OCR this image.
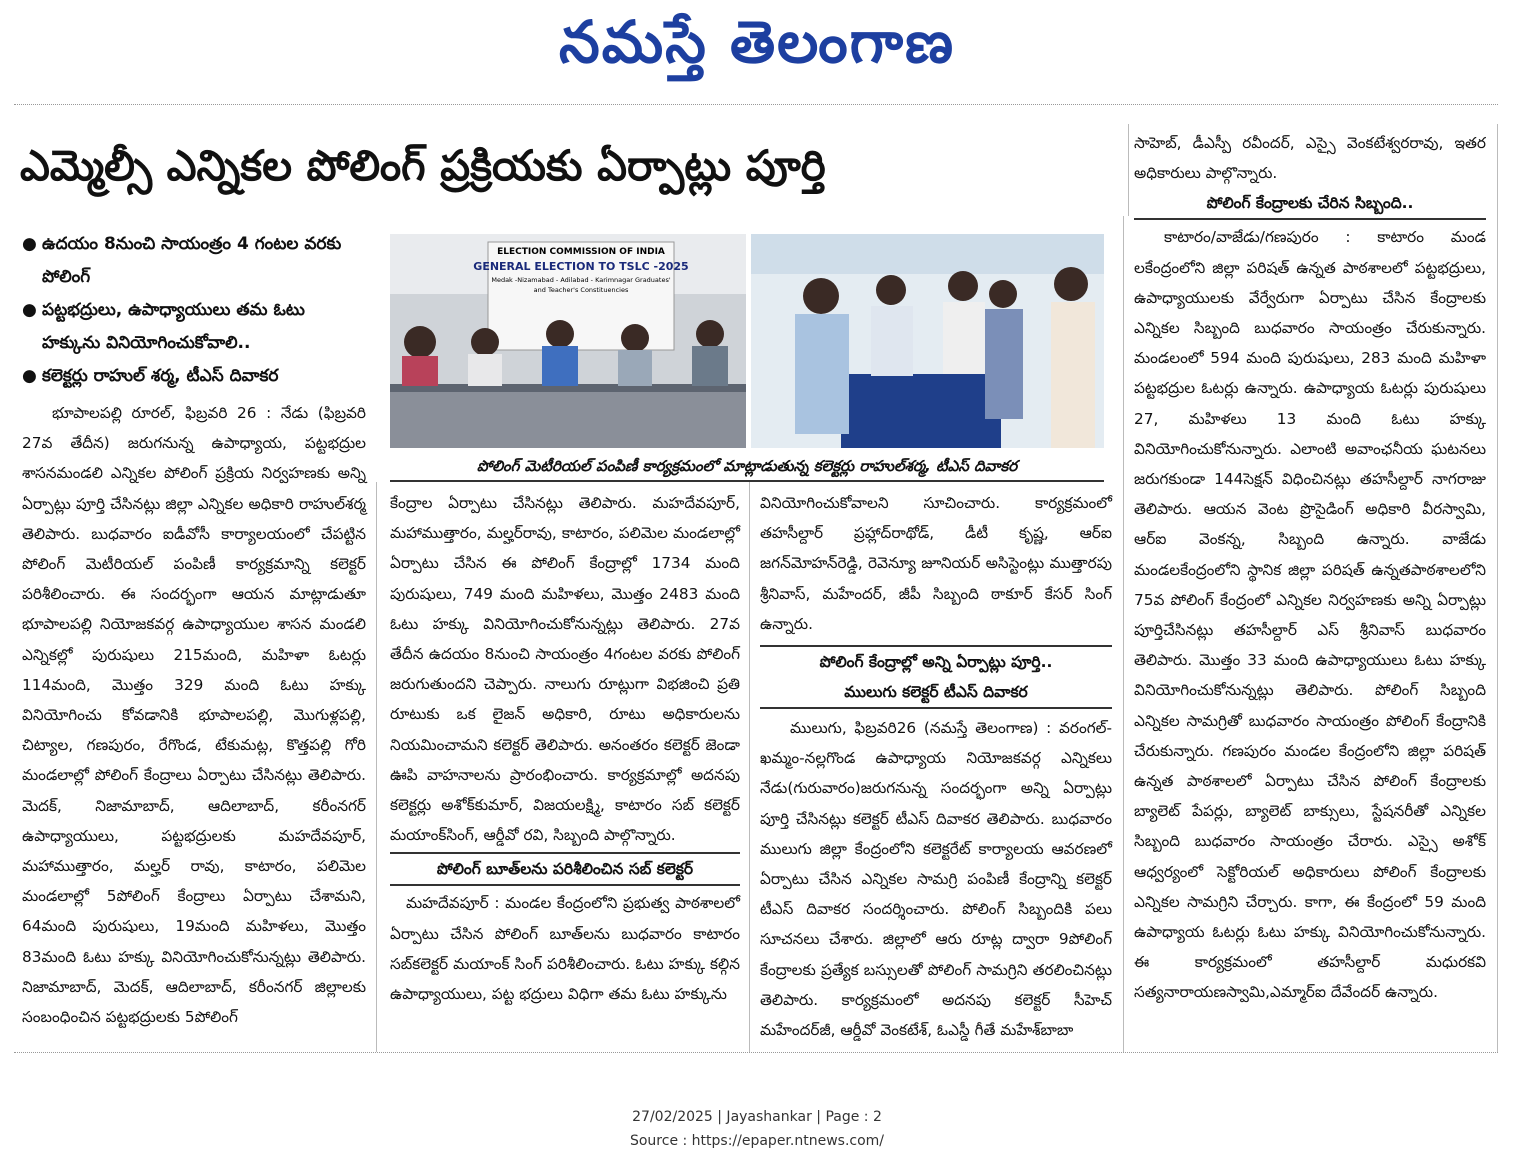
నమస్తే తెలంగాణ
ఎమ్మెల్సీ ఎన్నికల పోలింగ్ ప్రక్రియకు ఏర్పాట్లు పూర్తి
● ఉదయం 8నుంచి సాయంత్రం 4 గంటల వరకు పోలింగ్
● పట్టభద్రులు, ఉపాధ్యాయులు తమ ఓటు హక్కును వినియోగించుకోవాలి..
● కలెక్టర్లు రాహుల్ శర్మ, టీఎస్ దివాకర
ELECTION COMMISSION OF INDIA
GENERAL ELECTION TO TSLC -2025
Medak -Nizamabad - Adilabad - Karimnagar Graduates'
and Teacher's Constituencies
పోలింగ్ మెటీరియల్ పంపిణీ కార్యక్రమంలో మాట్లాడుతున్న కలెక్టర్లు రాహుల్‌శర్మ, టీఎస్ దివాకర

భూపాలపల్లి రూరల్, ఫిబ్రవరి 26 : నేడు (ఫిబ్రవరి 27వ తేదీన) జరుగనున్న ఉపాధ్యాయ, పట్టభద్రుల శాసనమండలి ఎన్నికల పోలింగ్ ప్రక్రియ నిర్వహణకు అన్ని ఏర్పాట్లు పూర్తి చేసినట్లు జిల్లా ఎన్నికల అధికారి రాహుల్‌శర్మ తెలిపారు. బుధవారం ఐడీవోసీ కార్యాలయంలో చేపట్టిన పోలింగ్ మెటీరియల్ పంపిణీ కార్యక్రమాన్ని కలెక్టర్ పరిశీలించారు. ఈ సందర్భంగా ఆయన మాట్లాడుతూ భూపాలపల్లి నియోజకవర్గ ఉపాధ్యాయుల శాసన మండలి ఎన్నికల్లో పురుషులు 215మంది, మహిళా ఓటర్లు 114మంది, మొత్తం 329 మంది ఓటు హక్కు వినియోగించు కోవడానికి భూపాలపల్లి, మొగుళ్లపల్లి, చిట్యాల, గణపురం, రేగొండ, టేకుమట్ల, కొత్తపల్లి గోరి మండలాల్లో పోలింగ్ కేంద్రాలు ఏర్పాటు చేసినట్లు తెలిపారు. మెదక్, నిజామాబాద్, ఆదిలాబాద్, కరీంనగర్ ఉపాధ్యాయులు, పట్టభద్రులకు మహదేవపూర్, మహాముత్తారం, మల్హర్ రావు, కాటారం, పలిమెల మండలాల్లో 5పోలింగ్ కేంద్రాలు ఏర్పాటు చేశామని, 64మంది పురుషులు, 19మంది మహిళలు, మొత్తం 83మంది ఓటు హక్కు వినియోగించుకోనున్నట్లు తెలిపారు. నిజామాబాద్, మెదక్, ఆదిలాబాద్, కరీంనగర్ జిల్లాలకు సంబంధించిన పట్టభద్రులకు 5పోలింగ్

కేంద్రాల ఏర్పాటు చేసినట్లు తెలిపారు. మహదేవపూర్, మహాముత్తారం, మల్హర్‌రావు, కాటారం, పలిమెల మండలాల్లో ఏర్పాటు చేసిన ఈ పోలింగ్ కేంద్రాల్లో 1734 మంది పురుషులు, 749 మంది మహిళలు, మొత్తం 2483 మంది ఓటు హక్కు వినియోగించుకోనున్నట్లు తెలిపారు. 27వ తేదీన ఉదయం 8నుంచి సాయంత్రం 4గంటల వరకు పోలింగ్ జరుగుతుందని చెప్పారు. నాలుగు రూట్లుగా విభజించి ప్రతి రూటుకు ఒక లైజన్ అధికారి, రూటు అధికారులను నియమించామని కలెక్టర్ తెలిపారు. అనంతరం కలెక్టర్ జెండా ఊపి వాహనాలను ప్రారంభించారు. కార్యక్రమాల్లో అదనపు కలెక్టర్లు అశోక్‌కుమార్, విజయలక్ష్మి, కాటారం సబ్ కలెక్టర్ మయాంక్‌సింగ్, ఆర్డీవో రవి, సిబ్బంది పాల్గొన్నారు.

పోలింగ్ బూత్‌లను పరిశీలించిన సబ్ కలెక్టర్

మహదేవపూర్ : మండల కేంద్రంలోని ప్రభుత్వ పాఠశాలలో ఏర్పాటు చేసిన పోలింగ్ బూత్‌లను బుధవారం కాటారం సబ్‌కలెక్టర్ మయాంక్ సింగ్ పరిశీలించారు. ఓటు హక్కు కల్గిన ఉపాధ్యాయులు, పట్ట భద్రులు విధిగా తమ ఓటు హక్కును

వినియోగించుకోవాలని సూచించారు. కార్యక్రమంలో తహసీల్దార్ ప్రహ్లాద్‌రాథోడ్, డీటీ కృష్ణ, ఆర్ఐ జగన్‌మోహన్‌రెడ్డి, రెవెన్యూ జూనియర్ అసిస్టెంట్లు ముత్తారపు శ్రీనివాస్, మహేందర్, జీపీ సిబ్బంది ఠాకూర్ కేసర్ సింగ్ ఉన్నారు.

పోలింగ్ కేంద్రాల్లో అన్ని ఏర్పాట్లు పూర్తి..
ములుగు కలెక్టర్ టీఎస్ దివాకర

ములుగు, ఫిబ్రవరి26 (నమస్తే తెలంగాణ) : వరంగల్-ఖమ్మం-నల్లగొండ ఉపాధ్యాయ నియోజకవర్గ ఎన్నికలు నేడు(గురువారం)జరుగనున్న సందర్భంగా అన్ని ఏర్పాట్లు పూర్తి చేసినట్లు కలెక్టర్ టీఎస్ దివాకర తెలిపారు. బుధవారం ములుగు జిల్లా కేంద్రంలోని కలెక్టరేట్ కార్యాలయ ఆవరణలో ఏర్పాటు చేసిన ఎన్నికల సామగ్రి పంపిణీ కేంద్రాన్ని కలెక్టర్ టీఎస్ దివాకర సందర్శించారు. పోలింగ్ సిబ్బందికి పలు సూచనలు చేశారు. జిల్లాలో ఆరు రూట్ల ద్వారా 9పోలింగ్ కేంద్రాలకు ప్రత్యేక బస్సులతో పోలింగ్ సామగ్రిని తరలించినట్లు తెలిపారు. కార్యక్రమంలో అదనపు కలెక్టర్ సీహెచ్ మహేందర్‌జీ, ఆర్డీవో వెంకటేశ్, ఓఎస్డీ గీతే మహేశ్‌బాబా

సాహెబ్, డీఎస్పీ రవీందర్, ఎస్సై వెంకటేశ్వరరావు, ఇతర అధికారులు పాల్గొన్నారు.

పోలింగ్ కేంద్రాలకు చేరిన సిబ్బంది..

కాటారం/వాజేడు/గణపురం : కాటారం మండ లకేంద్రంలోని జిల్లా పరిషత్ ఉన్నత పాఠశాలలో పట్టభద్రులు, ఉపాధ్యాయులకు వేర్వేరుగా ఏర్పాటు చేసిన కేంద్రాలకు ఎన్నికల సిబ్బంది బుధవారం సాయంత్రం చేరుకున్నారు. మండలంలో 594 మంది పురుషులు, 283 మంది మహిళా పట్టభద్రుల ఓటర్లు ఉన్నారు. ఉపాధ్యాయ ఓటర్లు పురుషులు 27, మహిళలు 13 మంది ఓటు హక్కు వినియోగించుకోనున్నారు. ఎలాంటి అవాంఛనీయ ఘటనలు జరుగకుండా 144సెక్షన్ విధించినట్లు తహసీల్దార్ నాగరాజు తెలిపారు. ఆయన వెంట ప్రొసైడింగ్ అధికారి వీరస్వామి, ఆర్ఐ వెంకన్న, సిబ్బంది ఉన్నారు. వాజేడు మండలకేంద్రంలోని స్థానిక జిల్లా పరిషత్ ఉన్నతపాఠశాలలోని 75వ పోలింగ్ కేంద్రంలో ఎన్నికల నిర్వహణకు అన్ని ఏర్పాట్లు పూర్తిచేసినట్లు తహసీల్దార్ ఎస్ శ్రీనివాస్ బుధవారం తెలిపారు. మొత్తం 33 మంది ఉపాధ్యాయులు ఓటు హక్కు వినియోగించుకోనున్నట్లు తెలిపారు. పోలింగ్ సిబ్బంది ఎన్నికల సామగ్రితో బుధవారం సాయంత్రం పోలింగ్ కేంద్రానికి చేరుకున్నారు. గణపురం మండల కేంద్రంలోని జిల్లా పరిషత్ ఉన్నత పాఠశాలలో ఏర్పాటు చేసిన పోలింగ్ కేంద్రాలకు బ్యాలెట్ పేపర్లు, బ్యాలెట్ బాక్సులు, స్టేషనరీతో ఎన్నికల సిబ్బంది బుధవారం సాయంత్రం చేరారు. ఎస్సై అశోక్ ఆధ్వర్యంలో సెక్టోరియల్ అధికారులు పోలింగ్ కేంద్రాలకు ఎన్నికల సామగ్రిని చేర్చారు. కాగా, ఈ కేంద్రంలో 59 మంది ఉపాధ్యాయ ఓటర్లు ఓటు హక్కు వినియోగించుకోనున్నారు. ఈ కార్యక్రమంలో తహసీల్దార్ మధురకవి సత్యనారాయణస్వామి,ఎమ్మార్ఐ దేవేందర్ ఉన్నారు.

27/02/2025 | Jayashankar | Page : 2
Source : https://epaper.ntnews.com/
